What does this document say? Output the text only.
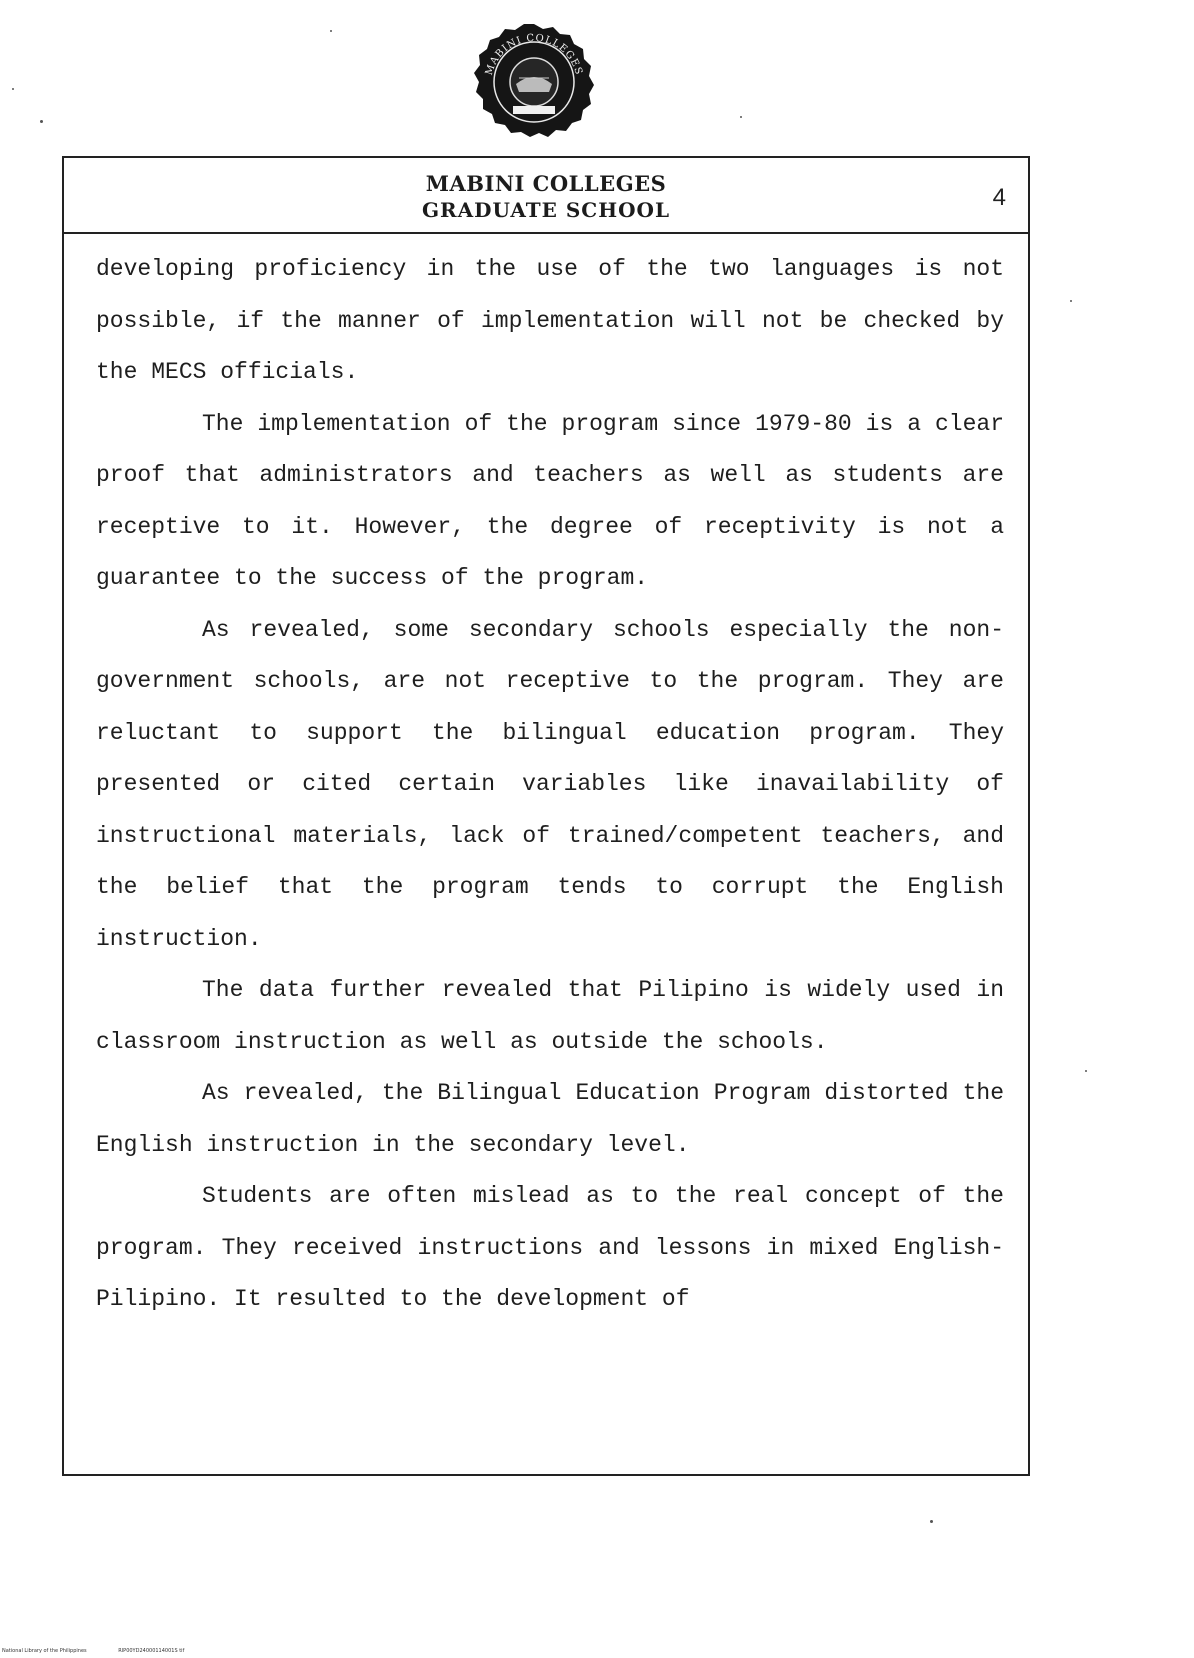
MABINI COLLEGES
MABINI COLLEGES
GRADUATE SCHOOL	4

developing proficiency in the use of the two languages is not possible, if the manner of implementation will not be checked by the MECS officials.

The implementation of the program since 1979-80 is a clear proof that administrators and teachers as well as students are receptive to it. However, the degree of receptivity is not a guarantee to the success of the program.

As revealed, some secondary schools especially the non-government schools, are not receptive to the program. They are reluctant to support the bilingual education program. They presented or cited certain variables like inavailability of instructional materials, lack of trained/competent teachers, and the belief that the program tends to corrupt the English instruction.

The data further revealed that Pilipino is widely used in classroom instruction as well as outside the schools.

As revealed, the Bilingual Education Program distorted the English instruction in the secondary level.

Students are often mislead as to the real concept of the program. They received instructions and lessons in mixed English-Pilipino. It resulted to the development of

National Library of the Philippines	RIP00YD24000114001S tif
